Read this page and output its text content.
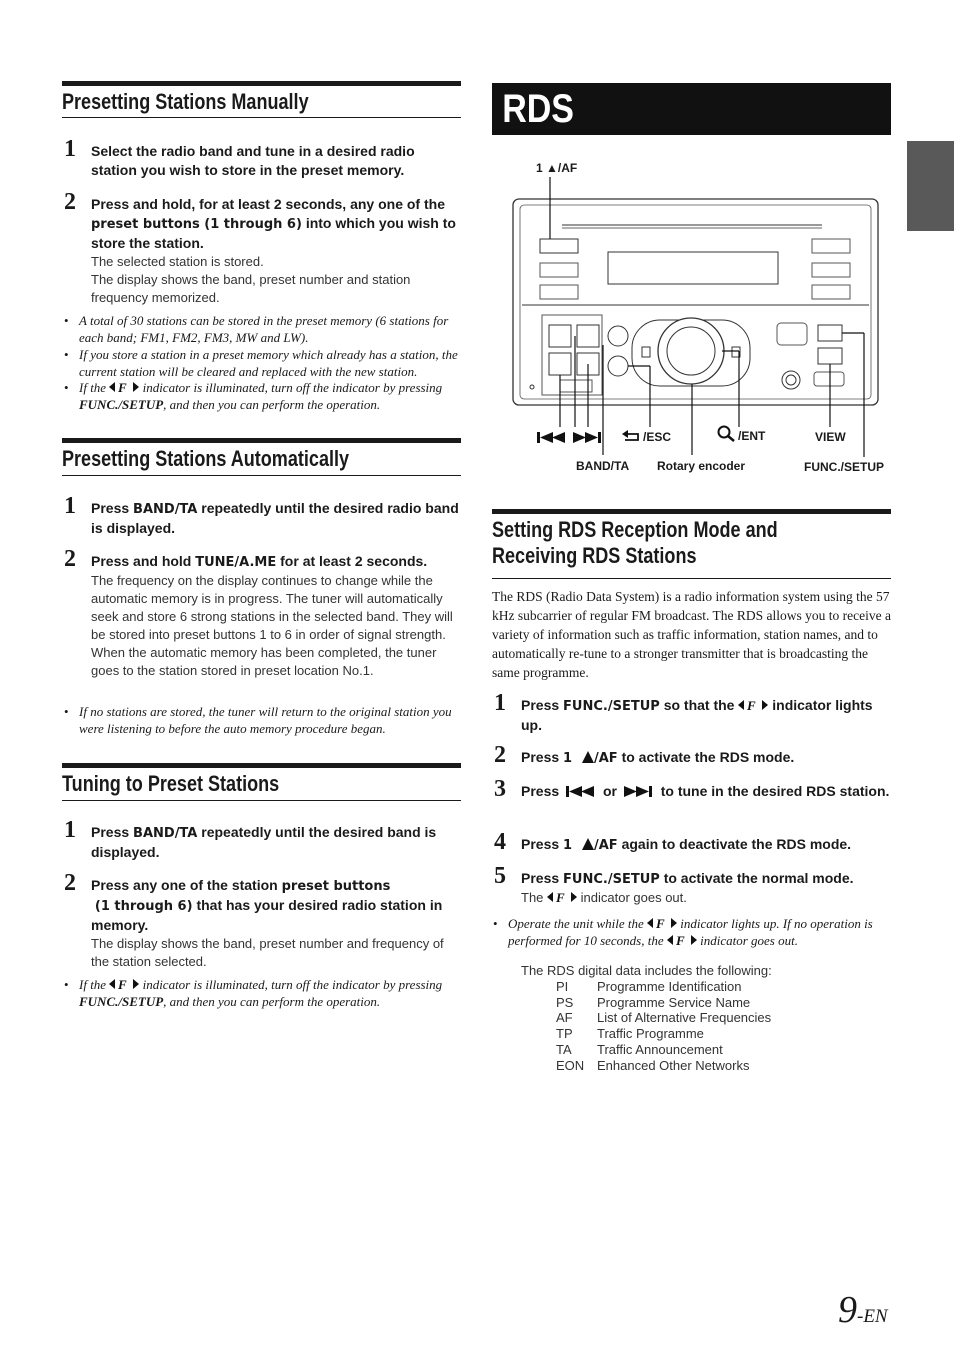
Presetting Stations Manually
1 Select the radio band and tune in a desired radio station you wish to store in the preset memory.
2 Press and hold, for at least 2 seconds, any one of the preset buttons (1 through 6) into which you wish to store the station.
The selected station is stored.
The display shows the band, preset number and station frequency memorized.
• A total of 30 stations can be stored in the preset memory (6 stations for each band; FM1, FM2, FM3, MW and LW).
• If you store a station in a preset memory which already has a station, the current station will be cleared and replaced with the new station.
• If the	indicator is illuminated, turn off the indicator by pressing FUNC./SETUP, and then you can perform the operation.
Presetting Stations Automatically
1 Press BAND/TA repeatedly until the desired radio band is displayed.
2 Press and hold TUNE/A.ME for at least 2 seconds.
The frequency on the display continues to change while the automatic memory is in progress. The tuner will automatically seek and store 6 strong stations in the selected band. They will be stored into preset buttons 1 to 6 in order of signal strength.
When the automatic memory has been completed, the tuner goes to the station stored in preset location No.1.
• If no stations are stored, the tuner will return to the original station you were listening to before the auto memory procedure began.
Tuning to Preset Stations
1 Press BAND/TA repeatedly until the desired band is displayed.
2 Press any one of the station preset buttons
(1 through 6) that has your desired radio station in memory.
The display shows the band, preset number and frequency of the station selected.
• If the	indicator is illuminated, turn off the indicator by pressing FUNC./SETUP, and then you can perform the operation.
RDS
1 ▲/AF
/ESC	/ENT	VIEW
BAND/TA Rotary encoder	FUNC./SETUP
Setting RDS Reception Mode and
Receiving RDS Stations
The RDS (Radio Data System) is a radio information system using the 57 kHz subcarrier of regular FM broadcast. The RDS allows you to receive a variety of information such as traffic information, station names, and to automatically re-tune to a stronger transmitter that is broadcasting the same programme.
1 Press FUNC./SETUP so that the	indicator lights up.
2 Press 1 /AF to activate the RDS mode.
3 Press	or	to tune in the desired RDS station.
4 Press 1 /AF again to deactivate the RDS mode.
5 Press FUNC./SETUP to activate the normal mode.
The	indicator goes out.
• Operate the unit while the	indicator lights up. If no operation is performed for 10 seconds, the	indicator goes out.
The RDS digital data includes the following:
PI	Programme Identification
PS	Programme Service Name
AF	List of Alternative Frequencies
TP	Traffic Programme
TA	Traffic Announcement
EON	Enhanced Other Networks
9-EN
